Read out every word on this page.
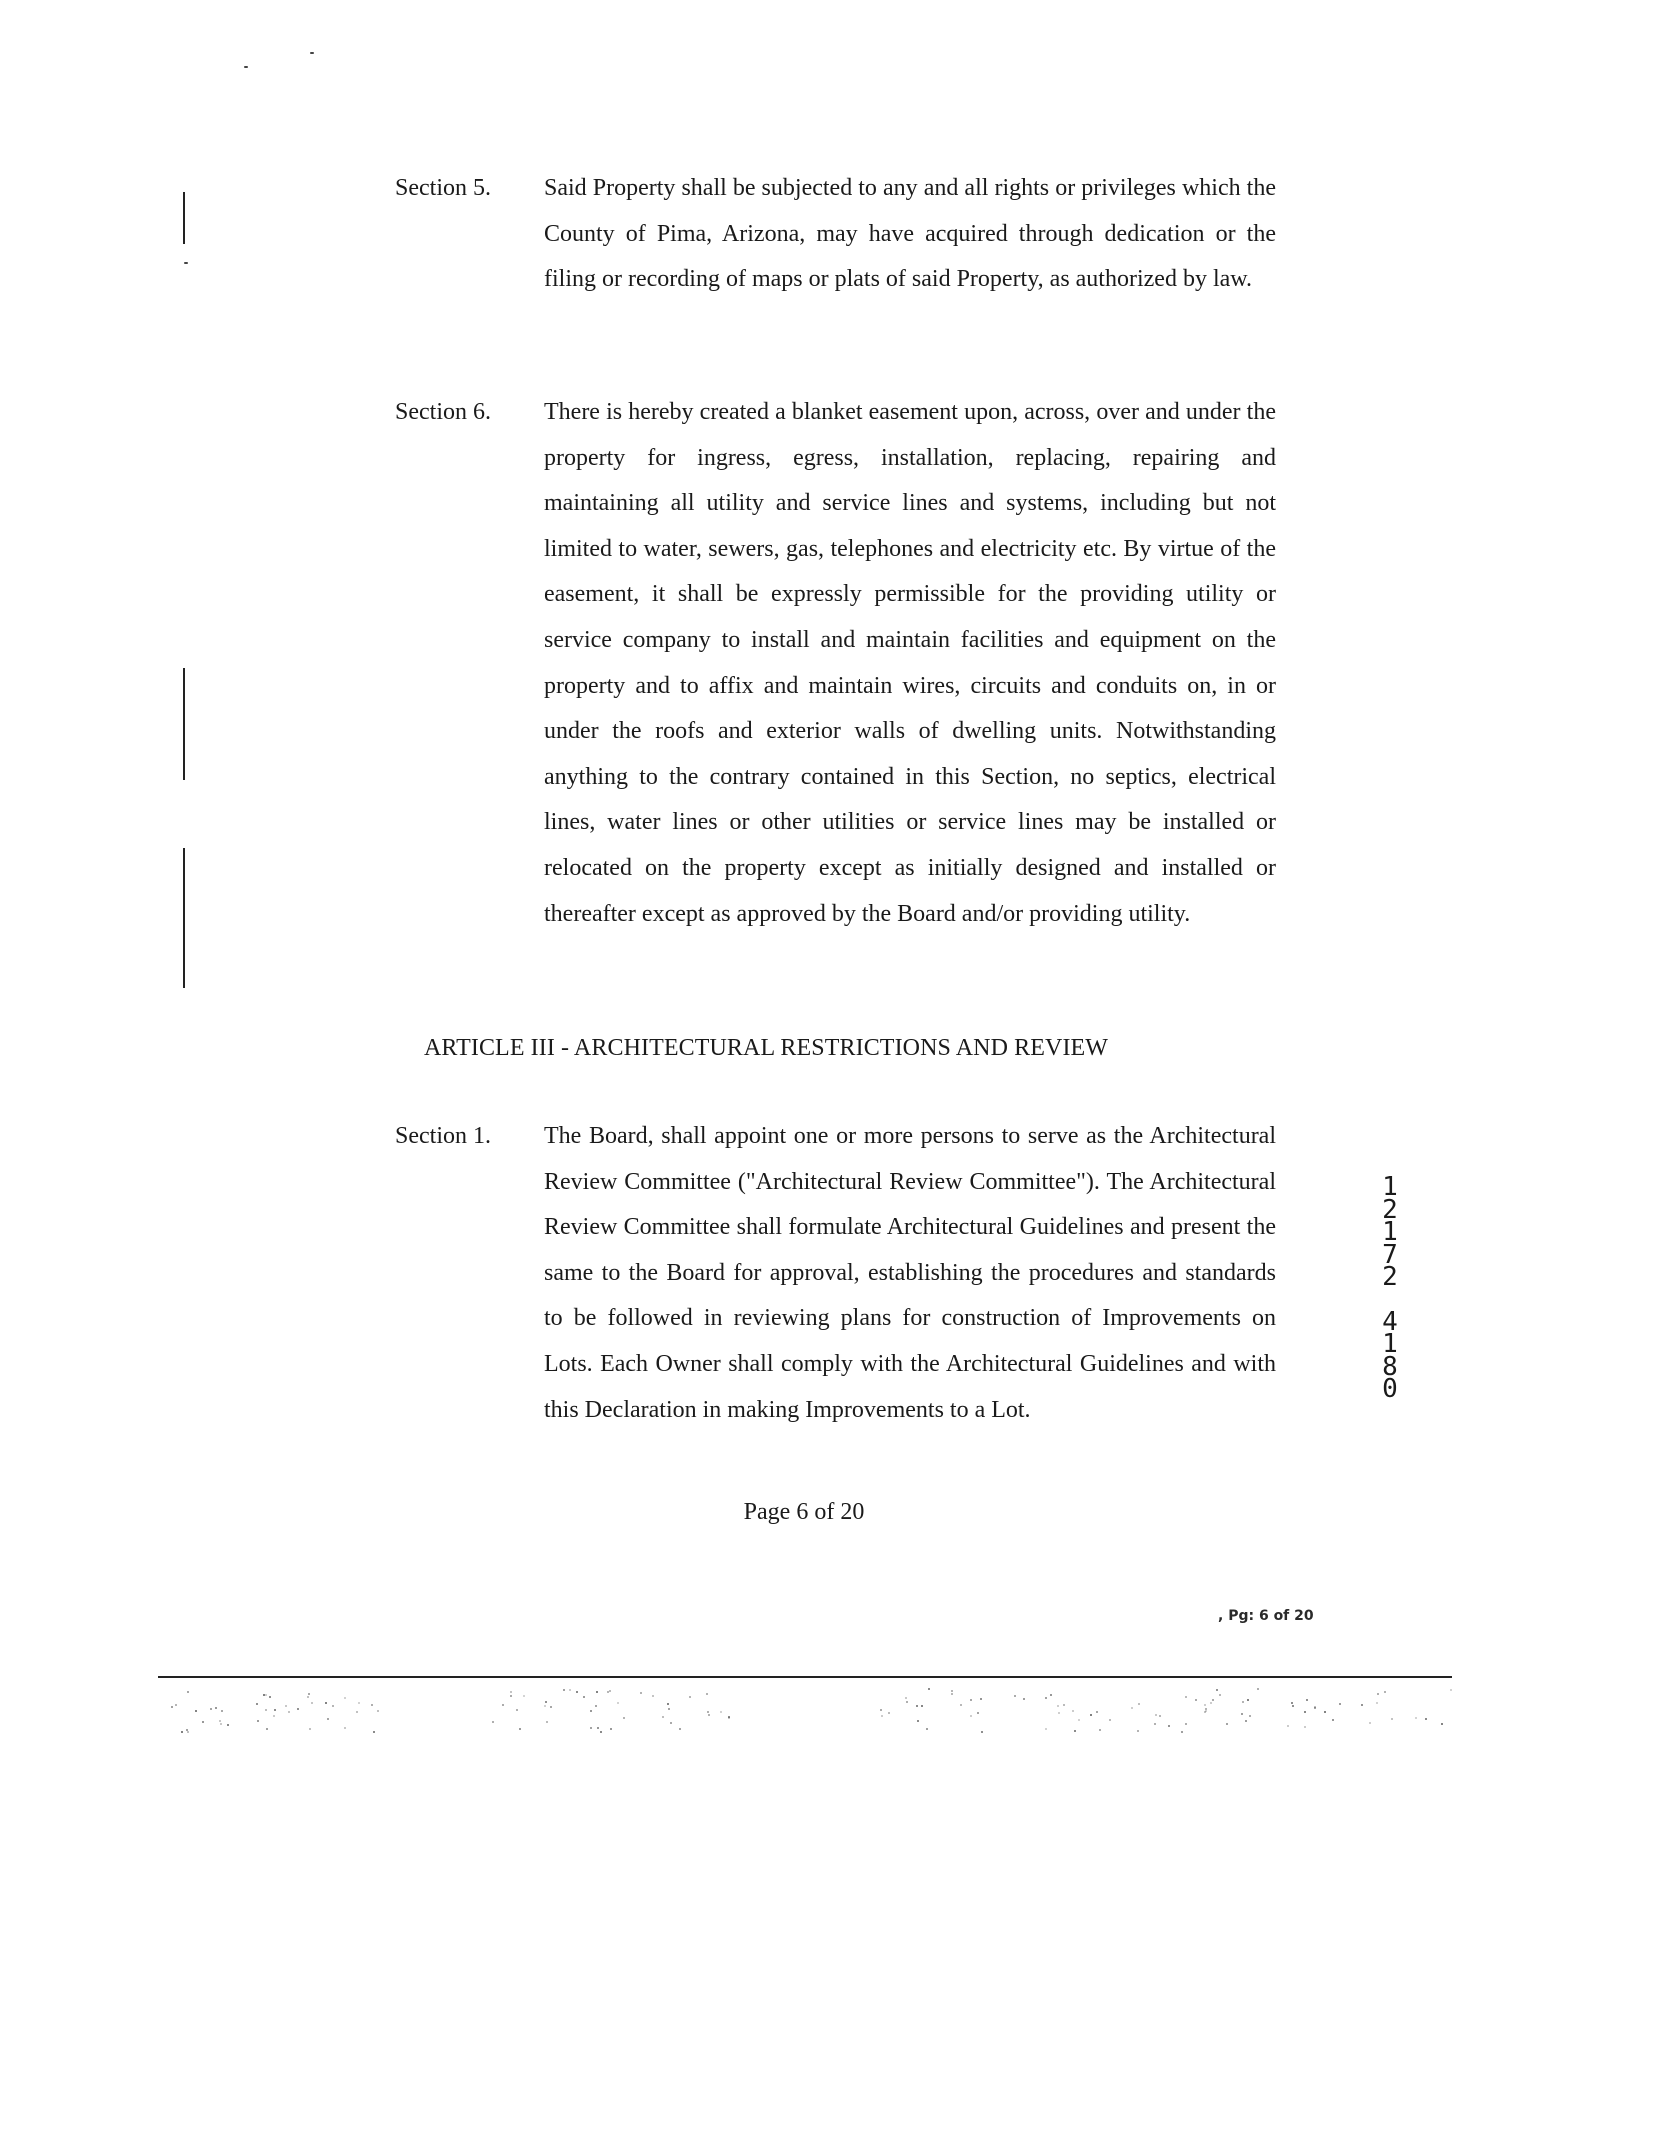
Section 5. Said Property shall be subjected to any and all rights or privileges which the County of Pima, Arizona, may have acquired through dedication or the filing or recording of maps or plats of said Property, as authorized by law.
Section 6. There is hereby created a blanket easement upon, across, over and under the property for ingress, egress, installation, replacing, repairing and maintaining all utility and service lines and systems, including but not limited to water, sewers, gas, telephones and electricity etc. By virtue of the easement, it shall be expressly permissible for the providing utility or service company to install and maintain facilities and equipment on the property and to affix and maintain wires, circuits and conduits on, in or under the roofs and exterior walls of dwelling units. Notwithstanding anything to the contrary contained in this Section, no septics, electrical lines, water lines or other utilities or service lines may be installed or relocated on the property except as initially designed and installed or thereafter except as approved by the Board and/or providing utility.
ARTICLE III - ARCHITECTURAL RESTRICTIONS AND REVIEW
Section 1. The Board, shall appoint one or more persons to serve as the Architectural Review Committee ("Architectural Review Committee"). The Architectural Review Committee shall formulate Architectural Guidelines and present the same to the Board for approval, establishing the procedures and standards to be followed in reviewing plans for construction of Improvements on Lots. Each Owner shall comply with the Architectural Guidelines and with this Declaration in making Improvements to a Lot.
1
2
1
7
2
4
1
8
0
Page 6 of 20
, Pg: 6 of 20
